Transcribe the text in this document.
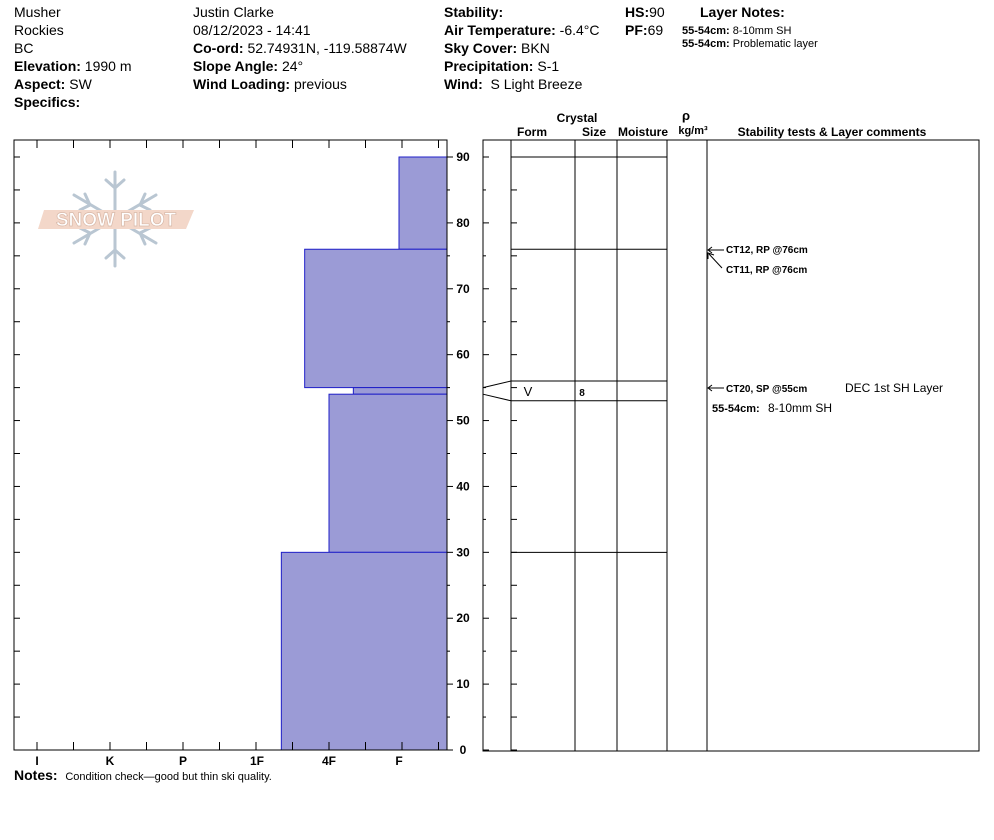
Musher
Rockies
BC
Elevation: 1990 m
Aspect: SW
Specifics:
Justin Clarke
08/12/2023 - 14:41
Co-ord: 52.74931N, -119.58874W
Slope Angle: 24°
Wind Loading: previous
Stability:
Air Temperature: -6.4°C
Sky Cover: BKN
Precipitation: S-1
Wind: S Light Breeze
HS:90
PF:69
Layer Notes:
55-54cm: 8-10mm SH
55-54cm: Problematic layer
Notes: Condition check—good but thin ski quality.
I	K	P	1F	4F	F
0
10
20
30
40
50
60
70
80
90
SNOW PILOT
Crystal
Form	Size Moisture
ρ
kg/m³ Stability tests & Layer comments
V	8
CT12, RP @76cm
CT11, RP @76cm
CT20, SP @55cm	DEC 1st SH Layer
55-54cm: 8-10mm SH
